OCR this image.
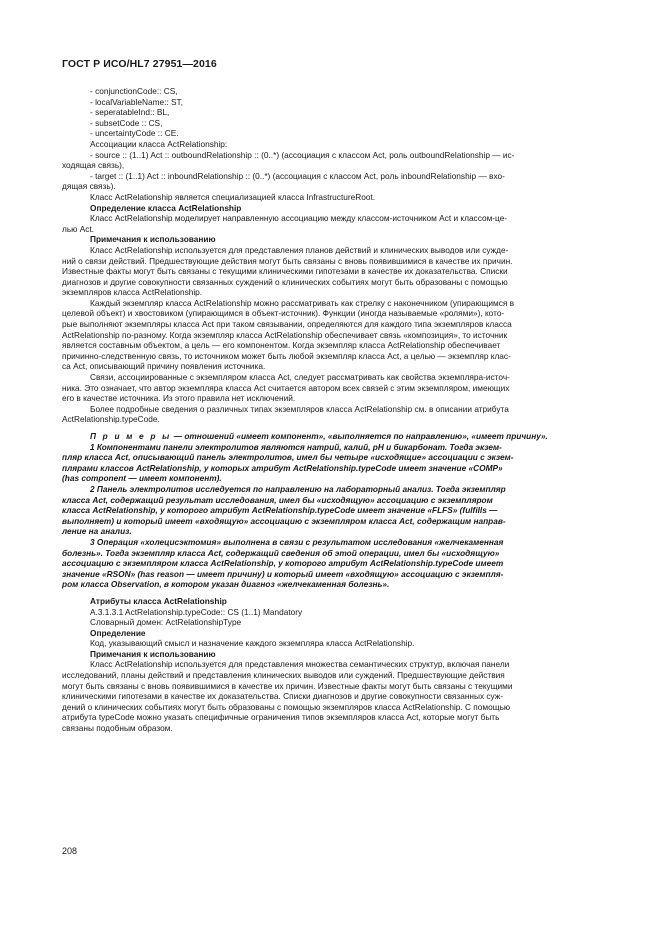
ГОСТ Р ИСО/HL7 27951—2016

- conjunctionCode:: CS,

- localVariableName:: ST,

- seperatableInd:: BL,

- subsetCode :: CS,

- uncertaintyCode :: CE.

Ассоциации класса ActRelationship:

- source :: (1..1) Act :: outboundRelationship :: (0..*) (ассоциация с классом Act, роль outboundRelationship — ис-

ходящая связь),

- target :: (1..1) Act :: inboundRelationship :: (0..*) (ассоциация с классом Act, роль inboundRelationship — вхо-

дящая связь).

Класс ActRelationship является специализацией класса InfrastructureRoot.

Определение класса ActRelationship

Класс ActRelationship моделирует направленную ассоциацию между классом-источником Act и классом-це-

лью Act.

Примечания к использованию

Класс ActRelationship используется для представления планов действий и клинических выводов или сужде-

ний о связи действий. Предшествующие действия могут быть связаны с вновь появившимися в качестве их причин.

Известные факты могут быть связаны с текущими клиническими гипотезами в качестве их доказательства. Списки

диагнозов и другие совокупности связанных суждений о клинических событиях могут быть образованы с помощью

экземпляров класса ActRelationship.

Каждый экземпляр класса ActRelationship можно рассматривать как стрелку с наконечником (упирающимся в

целевой объект) и хвостовиком (упирающимся в объект-источник). Функции (иногда называемые «ролями»), кото-

рые выполняют экземпляры класса Act при таком связывании, определяются для каждого типа экземпляров класса

ActRelationship по-разному. Когда экземпляр класса ActRelationship обеспечивает связь «композиция», то источник

является составным объектом, а цель — его компонентом. Когда экземпляр класса ActRelationship обеспечивает

причинно-следственную связь, то источником может быть любой экземпляр класса Act, а целью — экземпляр клас-

са Act, описывающий причину появления источника.

Связи, ассоциированные с экземпляром класса Act, следует рассматривать как свойства экземпляра-источ-

ника. Это означает, что автор экземпляра класса Act считается автором всех связей с этим экземпляром, имеющих

его в качестве источника. Из этого правила нет исключений.

Более подробные сведения о различных типах экземпляров класса ActRelationship см. в описании атрибута

ActRelationship.typeCode.

П р и м е р ы — отношений «имеет компонент», «выполняется по направлению», «имеет причину».

1 Компонентами панели электролитов являются натрий, калий, pH и бикарбонат. Тогда экзем-

пляр класса Act, описывающий панель электролитов, имел бы четыре «исходящие» ассоциации с экзем-

плярами классов ActRelationship, у которых атрибут ActRelationship.typeCode имеет значение «COMP»

(has component — имеет компонент).

2 Панель электролитов исследуется по направлению на лабораторный анализ. Тогда экземпляр

класса Act, содержащий результат исследования, имел бы «исходящую» ассоциацию с экземпляром

класса ActRelationship, у которого атрибут ActRelationship.typeCode имеет значение «FLFS» (fulfills —

выполняет) и который имеет «входящую» ассоциацию с экземпляром класса Act, содержащим направ-

ление на анализ.

3 Операция «холецисэктомия» выполнена в связи с результатом исследования «желчекаменная

болезнь». Тогда экземпляр класса Act, содержащий сведения об этой операции, имел бы «исходящую»

ассоциацию с экземпляром класса ActRelationship, у которого атрибут ActRelationship.typeCode имеет

значение «RSON» (has reason — имеет причину) и который имеет «входящую» ассоциацию с экземпля-

ром класса Observation, в котором указан диагноз «желчекаменная болезнь».

Атрибуты класса ActRelationship

A.3.1.3.1 ActRelationship.typeCode:: CS (1..1) Mandatory

Словарный домен: ActRelationshipType

Определение

Код, указывающий смысл и назначение каждого экземпляра класса ActRelationship.

Примечания к использованию

Класс ActRelationship используется для представления множества семантических структур, включая панели

исследований, планы действий и представления клинических выводов или суждений. Предшествующие действия

могут быть связаны с вновь появившимися в качестве их причин. Известные факты могут быть связаны с текущими

клиническими гипотезами в качестве их доказательства. Списки диагнозов и другие совокупности связанных суж-

дений о клинических событиях могут быть образованы с помощью экземпляров класса ActRelationship. С помощью

атрибута typeCode можно указать специфичные ограничения типов экземпляров класса Act, которые могут быть

связаны подобным образом.

208
